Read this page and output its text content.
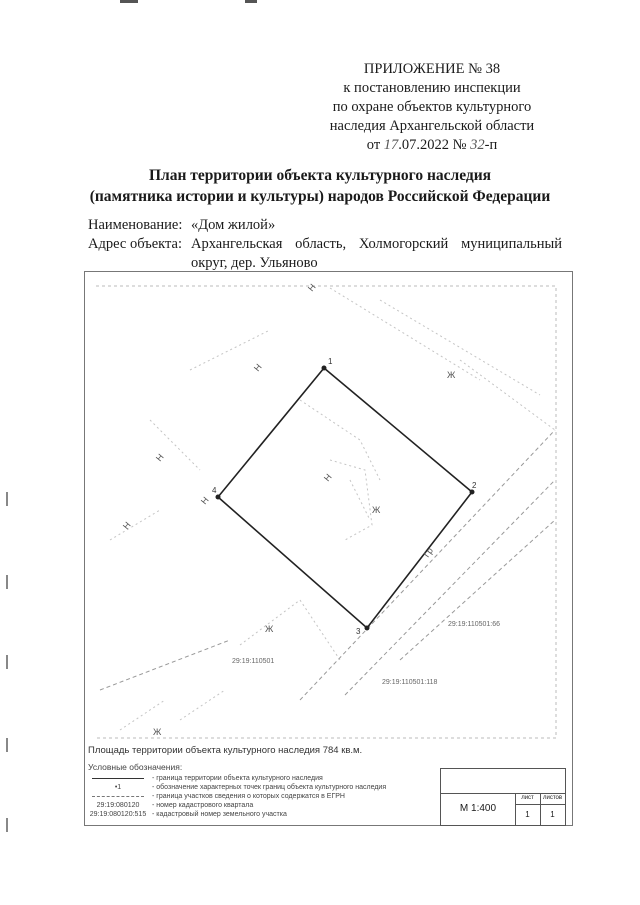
ПРИЛОЖЕНИЕ № 38
к постановлению инспекции
по охране объектов культурного
наследия Архангельской области
от 17.07.2022 № 32-п
План территории объекта культурного наследия
(памятника истории и культуры) народов Российской Федерации
Наименование: «Дом жилой»
Адрес объекта: Архангельская область, Холмогорский муниципальный округ, дер. Ульяново
1
2
3
4
Н
Н
Н
Н
Н
Н
Ж
Ж
Ж
Ж
Гр
29:19:110501
29:19:110501:66
29:19:110501:118
Площадь территории объекта культурного наследия 784 кв.м.
Условные обозначения:
- граница территории объекта культурного наследия
•1	- обозначение характерных точек границ объекта культурного наследия
- граница участков сведения о которых содержатся в ЕГРН
29:19:080120	- номер кадастрового квартала
29:19:080120:515 - кадастровый номер земельного участка
М 1:400
лист
1
листов
1
